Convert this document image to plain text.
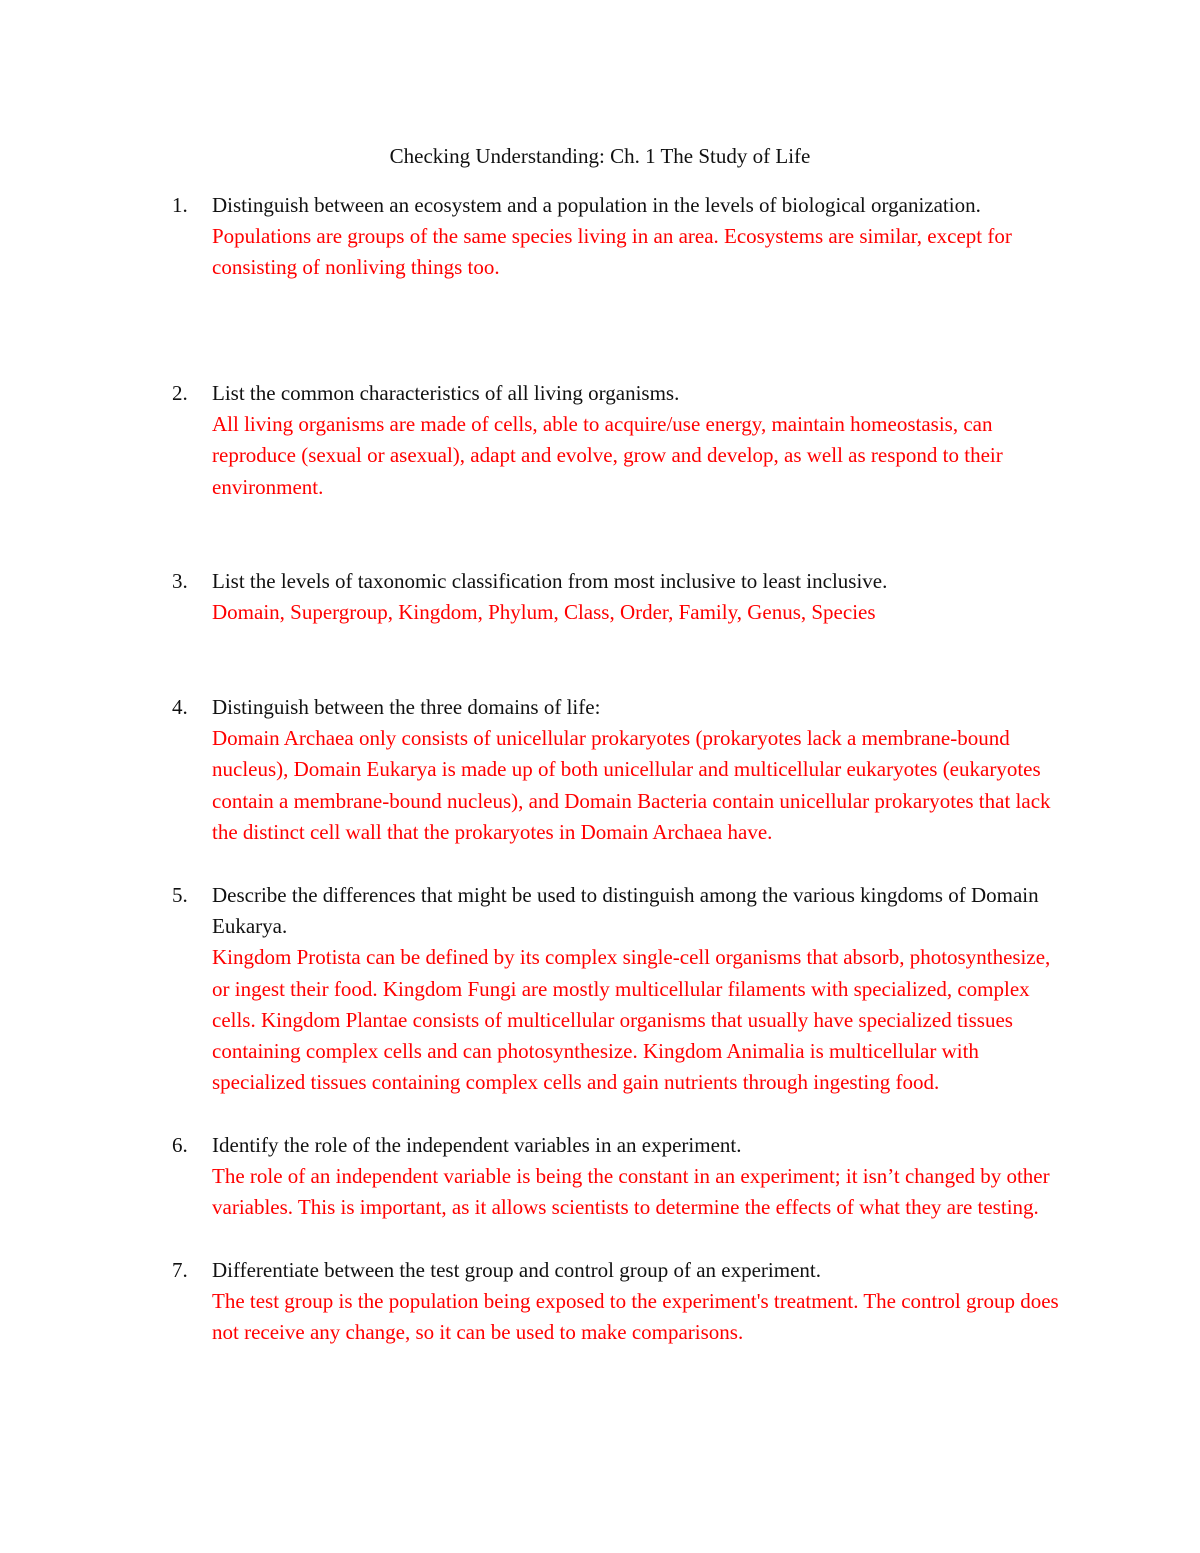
Checking Understanding: Ch. 1 The Study of Life
1.	Distinguish between an ecosystem and a population in the levels of biological organization.
Populations are groups of the same species living in an area. Ecosystems are similar, except for consisting of nonliving things too.
2.	List the common characteristics of all living organisms.
All living organisms are made of cells, able to acquire/use energy, maintain homeostasis, can reproduce (sexual or asexual), adapt and evolve, grow and develop, as well as respond to their environment.
3.	List the levels of taxonomic classification from most inclusive to least inclusive.
Domain, Supergroup, Kingdom, Phylum, Class, Order, Family, Genus, Species
4.	Distinguish between the three domains of life:
Domain Archaea only consists of unicellular prokaryotes (prokaryotes lack a membrane-bound nucleus), Domain Eukarya is made up of both unicellular and multicellular eukaryotes (eukaryotes contain a membrane-bound nucleus), and Domain Bacteria contain unicellular prokaryotes that lack the distinct cell wall that the prokaryotes in Domain Archaea have.
5.	Describe the differences that might be used to distinguish among the various kingdoms of Domain Eukarya.
Kingdom Protista can be defined by its complex single-cell organisms that absorb, photosynthesize, or ingest their food. Kingdom Fungi are mostly multicellular filaments with specialized, complex cells. Kingdom Plantae consists of multicellular organisms that usually have specialized tissues containing complex cells and can photosynthesize. Kingdom Animalia is multicellular with specialized tissues containing complex cells and gain nutrients through ingesting food.
6.	Identify the role of the independent variables in an experiment.
The role of an independent variable is being the constant in an experiment; it isn’t changed by other variables. This is important, as it allows scientists to determine the effects of what they are testing.
7.	Differentiate between the test group and control group of an experiment.
The test group is the population being exposed to the experiment's treatment. The control group does not receive any change, so it can be used to make comparisons.
